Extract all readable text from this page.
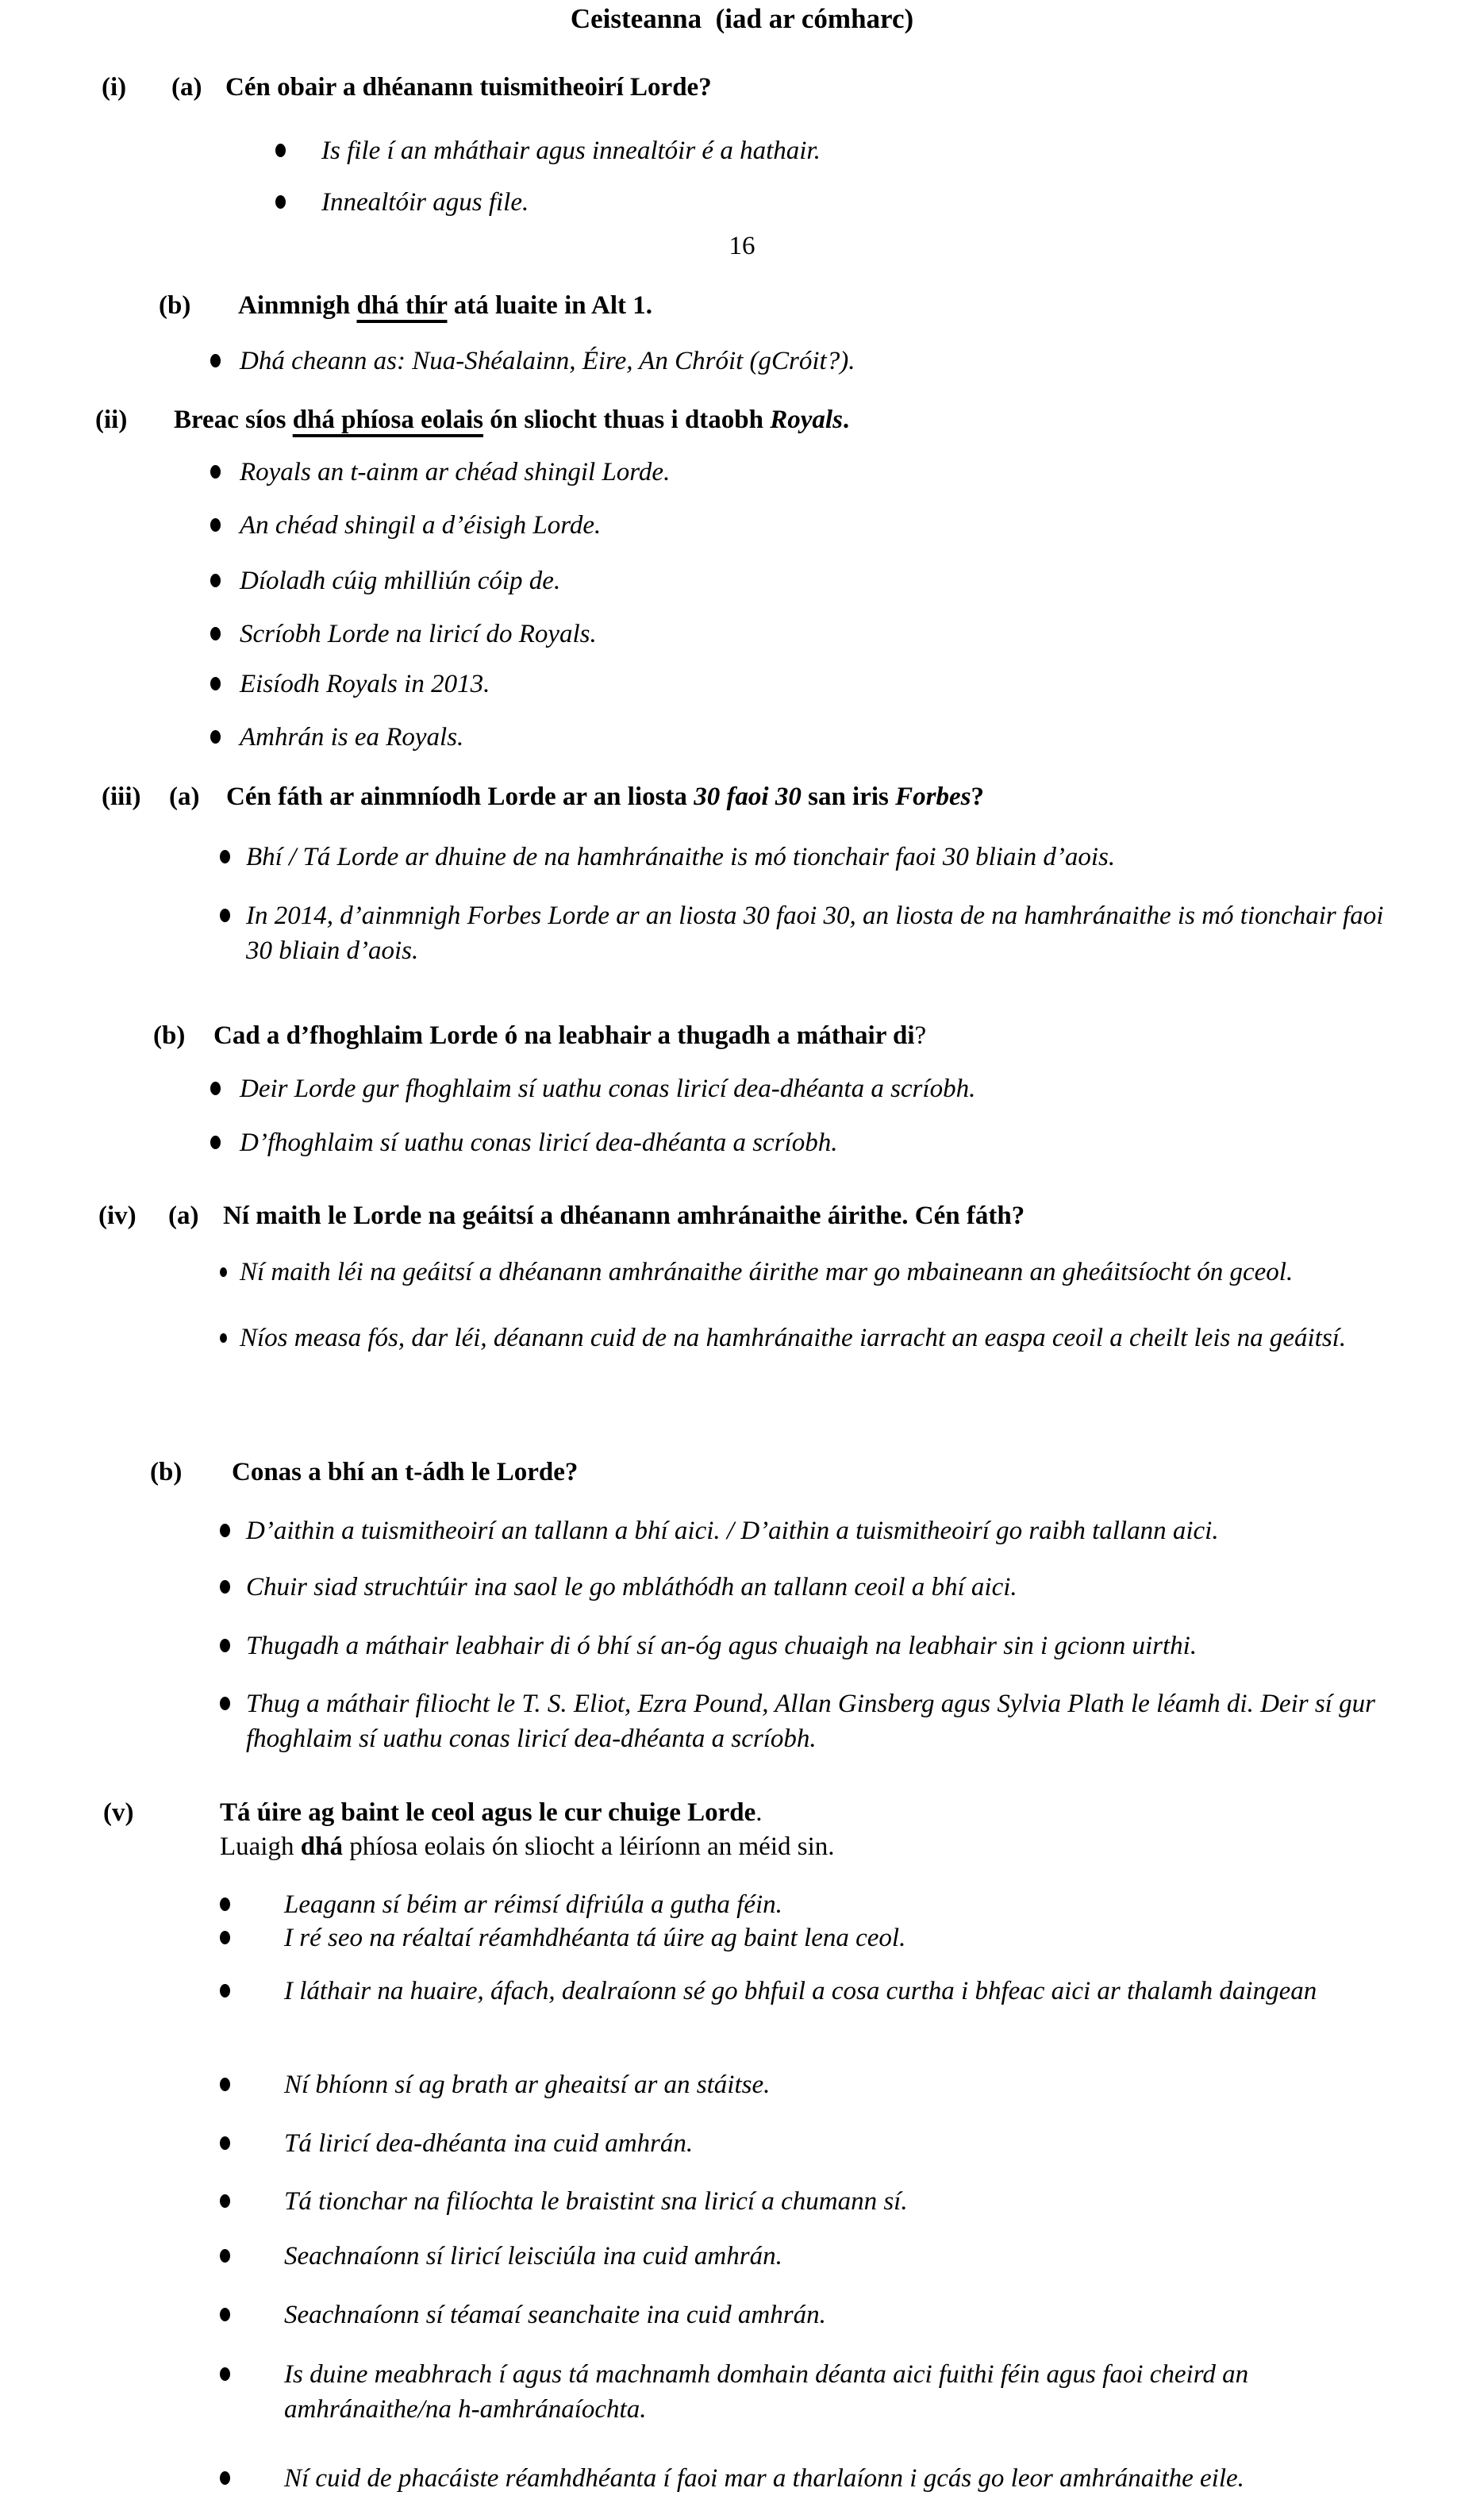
Ceisteanna  (iad ar cómharc)
(i) (a) Cén obair a dhéanann tuismitheoirí Lorde?
Is file í an mháthair agus innealtóir é a hathair.
Innealtóir agus file.
16
(b) Ainmnigh dhá thír atá luaite in Alt 1.
Dhá cheann as: Nua-Shéalainn, Éire, An Chróit (gCróit?).
(ii) Breac síos dhá phíosa eolais ón sliocht thuas i dtaobh Royals.
Royals an t-ainm ar chéad shingil Lorde.
An chéad shingil a d’éisigh Lorde.
Díoladh cúig mhilliún cóip de.
Scríobh Lorde na liricí do Royals.
Eisíodh Royals in 2013.
Amhrán is ea Royals.
(iii) (a) Cén fáth ar ainmníodh Lorde ar an liosta 30 faoi 30 san iris Forbes?
Bhí / Tá Lorde ar dhuine de na hamhránaithe is mó tionchair faoi 30 bliain d’aois.
In 2014, d’ainmnigh Forbes Lorde ar an liosta 30 faoi 30, an liosta de na hamhránaithe is mó tionchair faoi 30 bliain d’aois.
(b) Cad a d’fhoghlaim Lorde ó na leabhair a thugadh a máthair di?
Deir Lorde gur fhoghlaim sí uathu conas liricí dea-dhéanta a scríobh.
D’fhoghlaim sí uathu conas liricí dea-dhéanta a scríobh.
(iv) (a) Ní maith le Lorde na geáitsí a dhéanann amhránaithe áirithe. Cén fáth?
Ní maith léi na geáitsí a dhéanann amhránaithe áirithe mar go mbaineann an gheáitsíocht ón gceol.
Níos measa fós, dar léi, déanann cuid de na hamhránaithe iarracht an easpa ceoil a cheilt leis na geáitsí.
(b) Conas a bhí an t-ádh le Lorde?
D’aithin a tuismitheoirí an tallann a bhí aici. / D’aithin a tuismitheoirí go raibh tallann aici.
Chuir siad struchtúir ina saol le go mbláthódh an tallann ceoil a bhí aici.
Thugadh a máthair leabhair di ó bhí sí an-óg agus chuaigh na leabhair sin i gcionn uirthi.
Thug a máthair filiocht le T. S. Eliot, Ezra Pound, Allan Ginsberg agus Sylvia Plath le léamh di. Deir sí gur fhoghlaim sí uathu conas liricí dea-dhéanta a scríobh.
(v)	Tá úire ag baint le ceol agus le cur chuige Lorde.
Luaigh dhá phíosa eolais ón sliocht a léiríonn an méid sin.
Leagann sí béim ar réimsí difriúla a gutha féin.
I ré seo na réaltaí réamhdhéanta tá úire ag baint lena ceol.
I láthair na huaire, áfach, dealraíonn sé go bhfuil a cosa curtha i bhfeac aici ar thalamh daingean
Ní bhíonn sí ag brath ar gheaitsí ar an stáitse.
Tá liricí dea-dhéanta ina cuid amhrán.
Tá tionchar na filíochta le braistint sna liricí a chumann sí.
Seachnaíonn sí liricí leisciúla ina cuid amhrán.
Seachnaíonn sí téamaí seanchaite ina cuid amhrán.
Is duine meabhrach í agus tá machnamh domhain déanta aici fuithi féin agus faoi cheird an amhránaithe/na h-amhránaíochta.
Ní cuid de phacáiste réamhdhéanta í faoi mar a tharlaíonn i gcás go leor amhránaithe eile.
